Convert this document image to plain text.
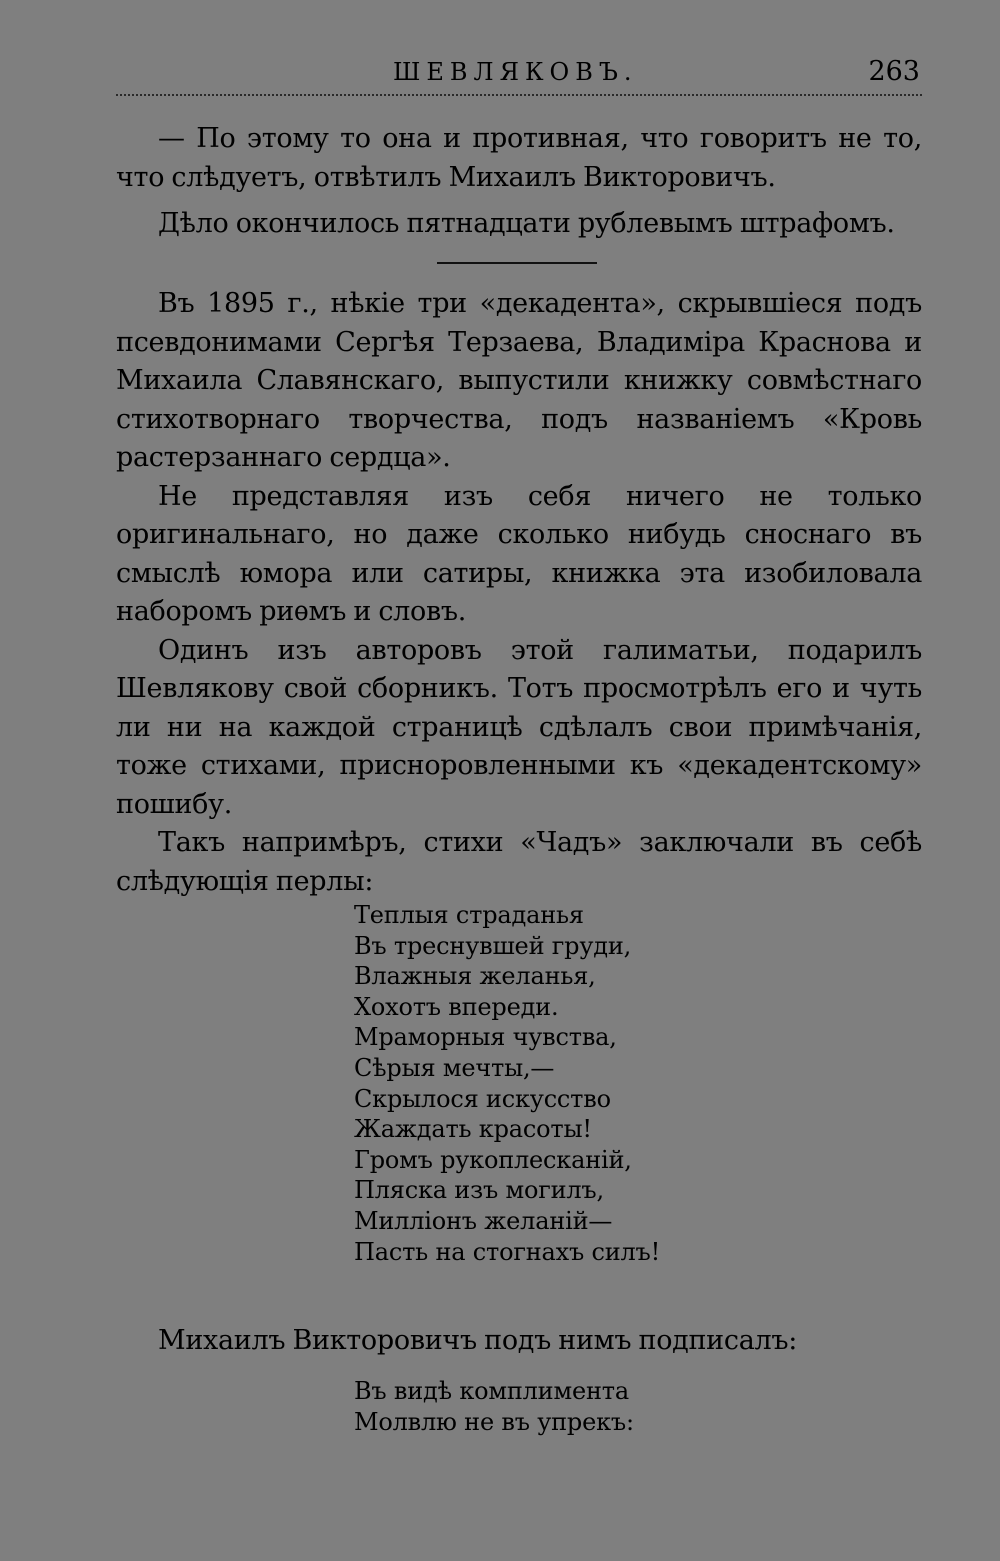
ШЕВЛЯКОВЪ.	263

— По этому то она и противная, что говоритъ не то, что слѣдуетъ, отвѣтилъ Михаилъ Викторовичъ.

Дѣло окончилось пятнадцати рублевымъ штрафомъ.

Въ 1895 г., нѣкіе три «декадента», скрывшіеся подъ псевдонимами Сергѣя Терзаева, Владиміра Краснова и Михаила Славянскаго, выпустили книжку совмѣстнаго стихотворнаго творчества, подъ названіемъ «Кровь растерзаннаго сердца».

Не представляя изъ себя ничего не только оригинальнаго, но даже сколько нибудь сноснаго въ смыслѣ юмора или сатиры, книжка эта изобиловала наборомъ риѳмъ и словъ.

Одинъ изъ авторовъ этой галиматьи, подарилъ Шевлякову свой сборникъ. Тотъ просмотрѣлъ его и чуть ли ни на каждой страницѣ сдѣлалъ свои примѣчанія, тоже стихами, приснoровленными къ «декадентскому» пошибу.

Такъ напримѣръ, стихи «Чадъ» заключали въ себѣ слѣдующія перлы:

Теплыя страданья
Въ треснувшей груди,
Влажныя желанья,
Хохотъ впереди.
Мраморныя чувства,
Сѣрыя мечты,—
Скрылося искусство
Жаждать красоты!
Громъ рукоплесканій,
Пляска изъ могилъ,
Милліонъ желаній—
Пасть на стогнахъ силъ!

Михаилъ Викторовичъ подъ нимъ подписалъ:

Въ видѣ комплимента
Молвлю не въ упрекъ:
